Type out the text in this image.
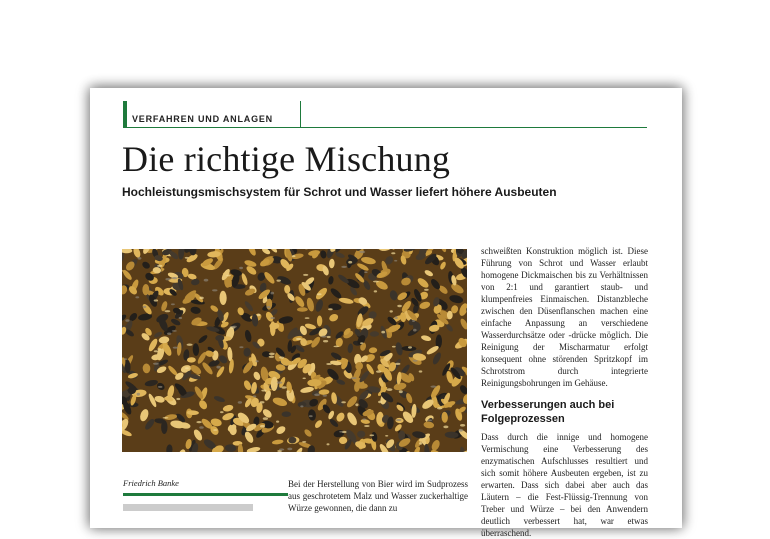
VERFAHREN UND ANLAGEN
Die richtige Mischung
Hochleistungsmischsystem für Schrot und Wasser liefert höhere Ausbeuten

schweißten Konstruktion möglich ist. Diese Führung von Schrot und Wasser erlaubt homogene Dickmaischen bis zu Verhältnissen von 2:1 und garantiert staub- und klumpenfreies Einmaischen. Distanzbleche zwischen den Düsenflanschen machen eine einfache Anpassung an verschiedene Wasserdurchsätze oder -drücke möglich. Die Reinigung der Mischarmatur erfolgt konsequent ohne störenden Spritzkopf im Schrotstrom durch integrierte Reinigungsbohrungen im Gehäuse.

Verbesserungen auch bei Folgeprozessen

Dass durch die innige und homogene Vermischung eine Verbesserung des enzymatischen Aufschlusses resultiert und sich somit höhere Ausbeuten ergeben, ist zu erwarten. Dass sich dabei aber auch das Läutern – die Fest-Flüssig-Trennung von Treber und Würze – bei den Anwendern deutlich verbessert hat, war etwas überraschend.

Friedrich Banke	Bei der Herstellung von Bier wird im Sudprozess aus geschrotetem Malz und Wasser zuckerhaltige Würze gewonnen, die dann zu
